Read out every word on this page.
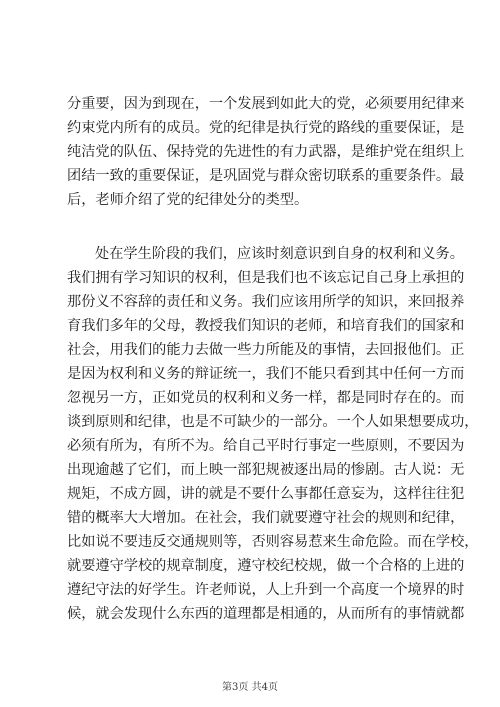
分重要，因为到现在，一个发展到如此大的党，必须要用纪律来
约束党内所有的成员。党的纪律是执行党的路线的重要保证，是
纯洁党的队伍、保持党的先进性的有力武器，是维护党在组织上
团结一致的重要保证，是巩固党与群众密切联系的重要条件。最
后，老师介绍了党的纪律处分的类型。
处在学生阶段的我们，应该时刻意识到自身的权利和义务。
我们拥有学习知识的权利，但是我们也不该忘记自己身上承担的
那份义不容辞的责任和义务。我们应该用所学的知识，来回报养
育我们多年的父母，教授我们知识的老师，和培育我们的国家和
社会，用我们的能力去做一些力所能及的事情，去回报他们。正
是因为权利和义务的辩证统一，我们不能只看到其中任何一方而
忽视另一方，正如党员的权利和义务一样，都是同时存在的。而
谈到原则和纪律，也是不可缺少的一部分。一个人如果想要成功，
必须有所为，有所不为。给自己平时行事定一些原则，不要因为
出现逾越了它们，而上映一部犯规被逐出局的惨剧。古人说：无
规矩，不成方圆，讲的就是不要什么事都任意妄为，这样往往犯
错的概率大大增加。在社会，我们就要遵守社会的规则和纪律，
比如说不要违反交通规则等，否则容易惹来生命危险。而在学校，
就要遵守学校的规章制度，遵守校纪校规，做一个合格的上进的
遵纪守法的好学生。许老师说，人上升到一个高度一个境界的时
候，就会发现什么东西的道理都是相通的，从而所有的事情就都
第3页 共4页
